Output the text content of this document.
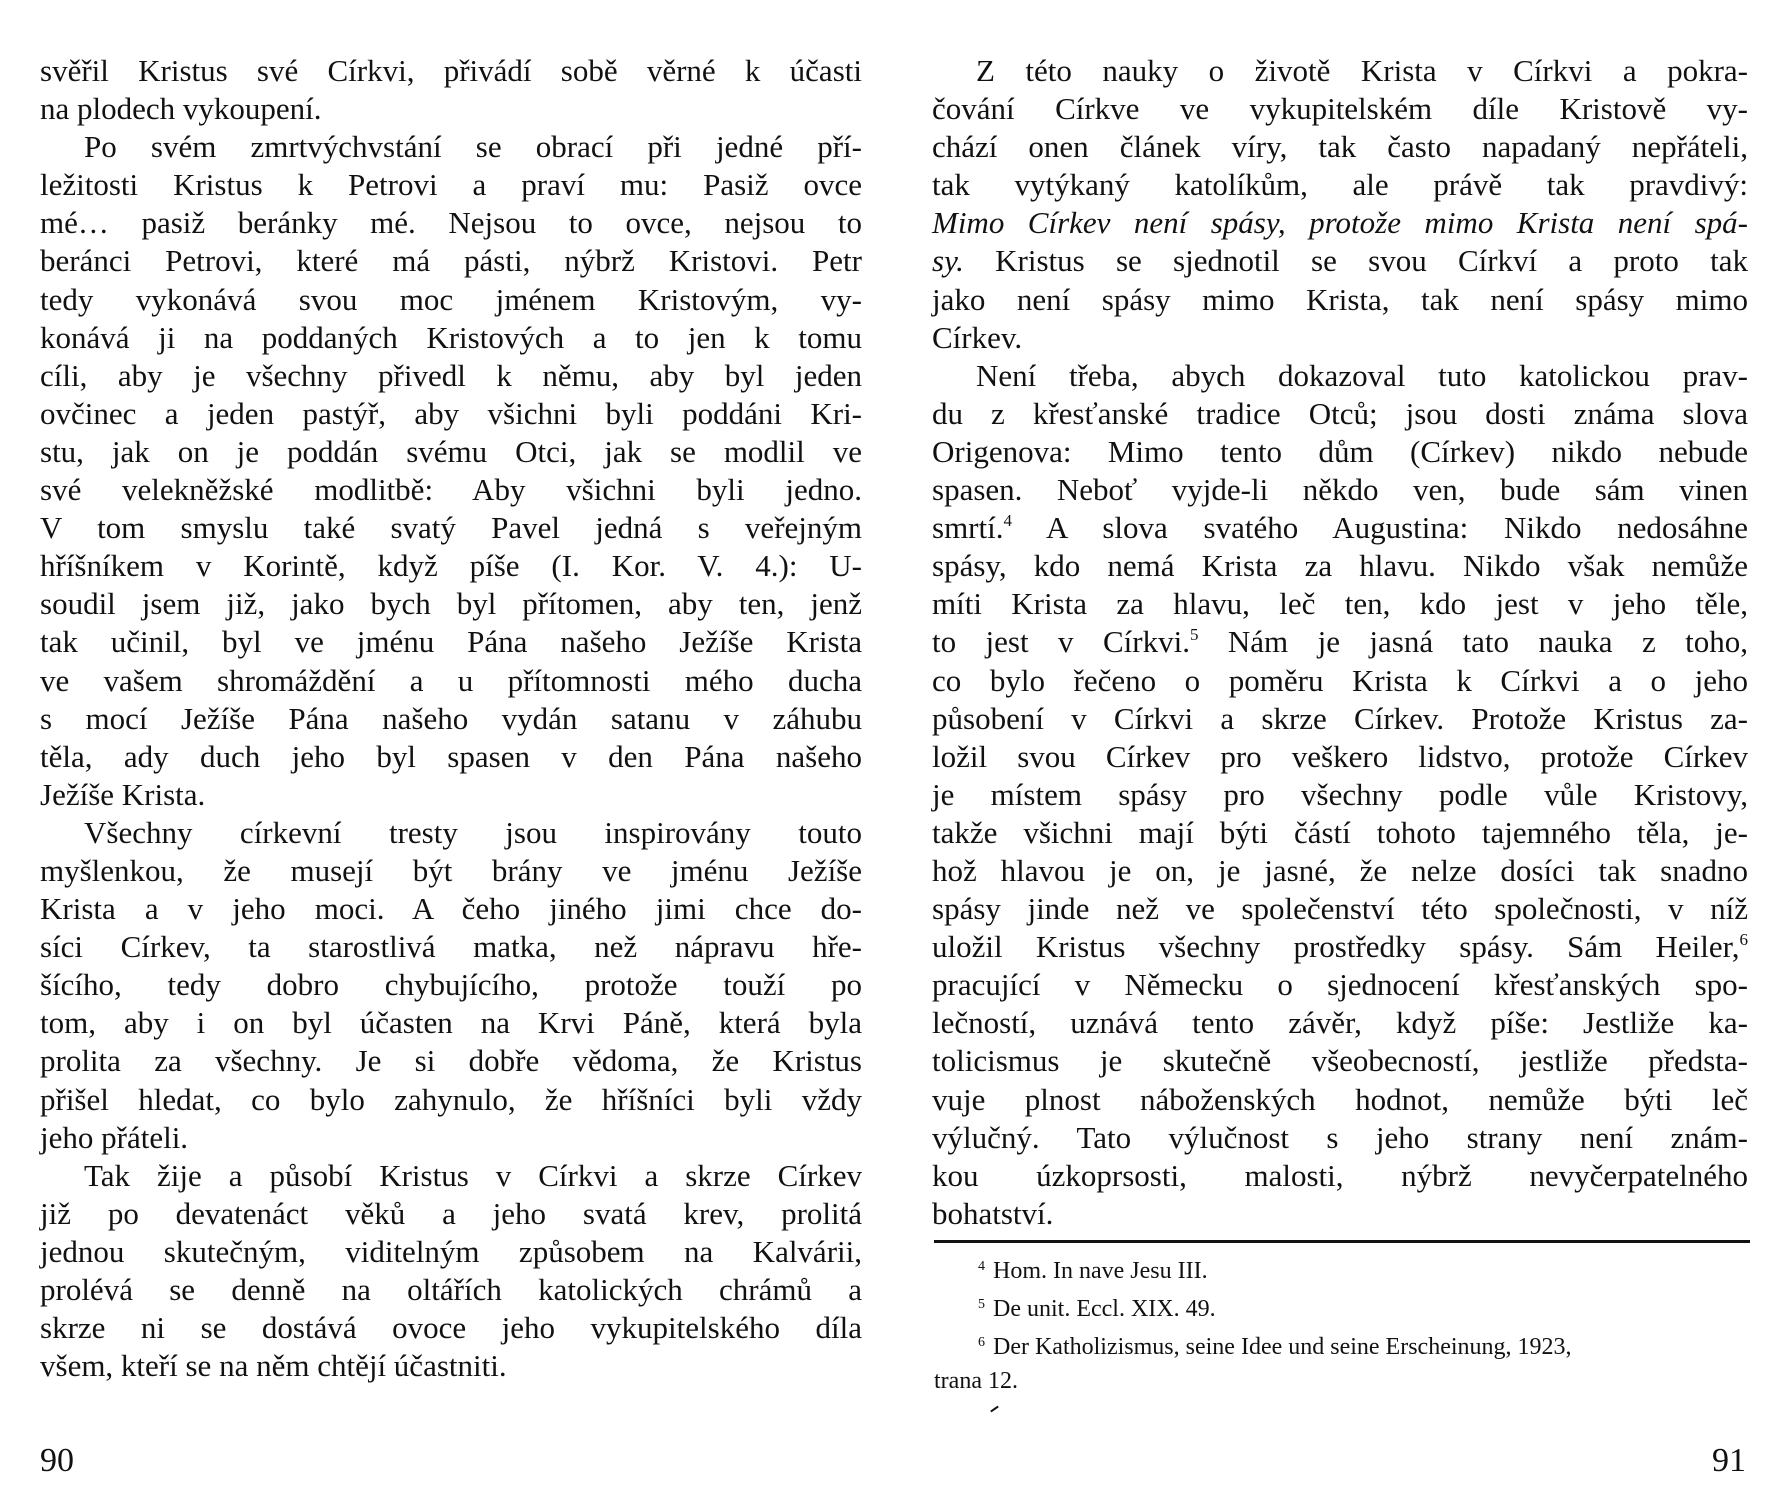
svěřil Kristus své Církvi, přivádí sobě věrné k účasti
na plodech vykoupení.
Po svém zmrtvýchvstání se obrací při jedné pří-
ležitosti Kristus k Petrovi a praví mu: Pasiž ovce
mé… pasiž beránky mé. Nejsou to ovce, nejsou to
beránci Petrovi, které má pásti, nýbrž Kristovi. Petr
tedy vykonává svou moc jménem Kristovým, vy-
konává ji na poddaných Kristových a to jen k tomu
cíli, aby je všechny přivedl k němu, aby byl jeden
ovčinec a jeden pastýř, aby všichni byli poddáni Kri-
stu, jak on je poddán svému Otci, jak se modlil ve
své velekněžské modlitbě: Aby všichni byli jedno.
V tom smyslu také svatý Pavel jedná s veřejným
hříšníkem v Korintě, když píše (I. Kor. V. 4.): U-
soudil jsem již, jako bych byl přítomen, aby ten, jenž
tak učinil, byl ve jménu Pána našeho Ježíše Krista
ve vašem shromáždění a u přítomnosti mého ducha
s mocí Ježíše Pána našeho vydán satanu v záhubu
těla, ady duch jeho byl spasen v den Pána našeho
Ježíše Krista.
Všechny církevní tresty jsou inspirovány touto
myšlenkou, že musejí být brány ve jménu Ježíše
Krista a v jeho moci. A čeho jiného jimi chce do-
síci Církev, ta starostlivá matka, než nápravu hře-
šícího, tedy dobro chybujícího, protože touží po
tom, aby i on byl účasten na Krvi Páně, která byla
prolita za všechny. Je si dobře vědoma, že Kristus
přišel hledat, co bylo zahynulo, že hříšníci byli vždy
jeho přáteli.
Tak žije a působí Kristus v Církvi a skrze Církev
již po devatenáct věků a jeho svatá krev, prolitá
jednou skutečným, viditelným způsobem na Kalvárii,
prolévá se denně na oltářích katolických chrámů a
skrze ni se dostává ovoce jeho vykupitelského díla
všem, kteří se na něm chtějí účastniti.
Z této nauky o životě Krista v Církvi a pokra-
čování Církve ve vykupitelském díle Kristově vy-
chází onen článek víry, tak často napadaný nepřáteli,
tak vytýkaný katolíkům, ale právě tak pravdivý:
Mimo Církev není spásy, protože mimo Krista není spá-
sy. Kristus se sjednotil se svou Církví a proto tak
jako není spásy mimo Krista, tak není spásy mimo
Církev.
Není třeba, abych dokazoval tuto katolickou prav-
du z křesťanské tradice Otců; jsou dosti známa slova
Origenova: Mimo tento dům (Církev) nikdo nebude
spasen. Neboť vyjde-li někdo ven, bude sám vinen
smrtí.$^4$ A slova svatého Augustina: Nikdo nedosáhne
spásy, kdo nemá Krista za hlavu. Nikdo však nemůže
míti Krista za hlavu, leč ten, kdo jest v jeho těle,
to jest v Církvi.$^5$ Nám je jasná tato nauka z toho,
co bylo řečeno o poměru Krista k Církvi a o jeho
působení v Církvi a skrze Církev. Protože Kristus za-
ložil svou Církev pro veškero lidstvo, protože Církev
je místem spásy pro všechny podle vůle Kristovy,
takže všichni mají býti částí tohoto tajemného těla, je-
hož hlavou je on, je jasné, že nelze dosíci tak snadno
spásy jinde než ve společenství této společnosti, v níž
uložil Kristus všechny prostředky spásy. Sám Heiler,$^6$
pracující v Německu o sjednocení křesťanských spo-
lečností, uznává tento závěr, když píše: Jestliže ka-
tolicismus je skutečně všeobecností, jestliže předsta-
vuje plnost náboženských hodnot, nemůže býti leč
výlučný. Tato výlučnost s jeho strany není znám-
kou úzkoprsosti, malosti, nýbrž nevyčerpatelného
bohatství.
$^4$ Hom. In nave Jesu III.
$^5$ De unit. Eccl. XIX. 49.
$^6$ Der Katholizismus, seine Idee und seine Erscheinung, 1923,
trana 12.
90	91
